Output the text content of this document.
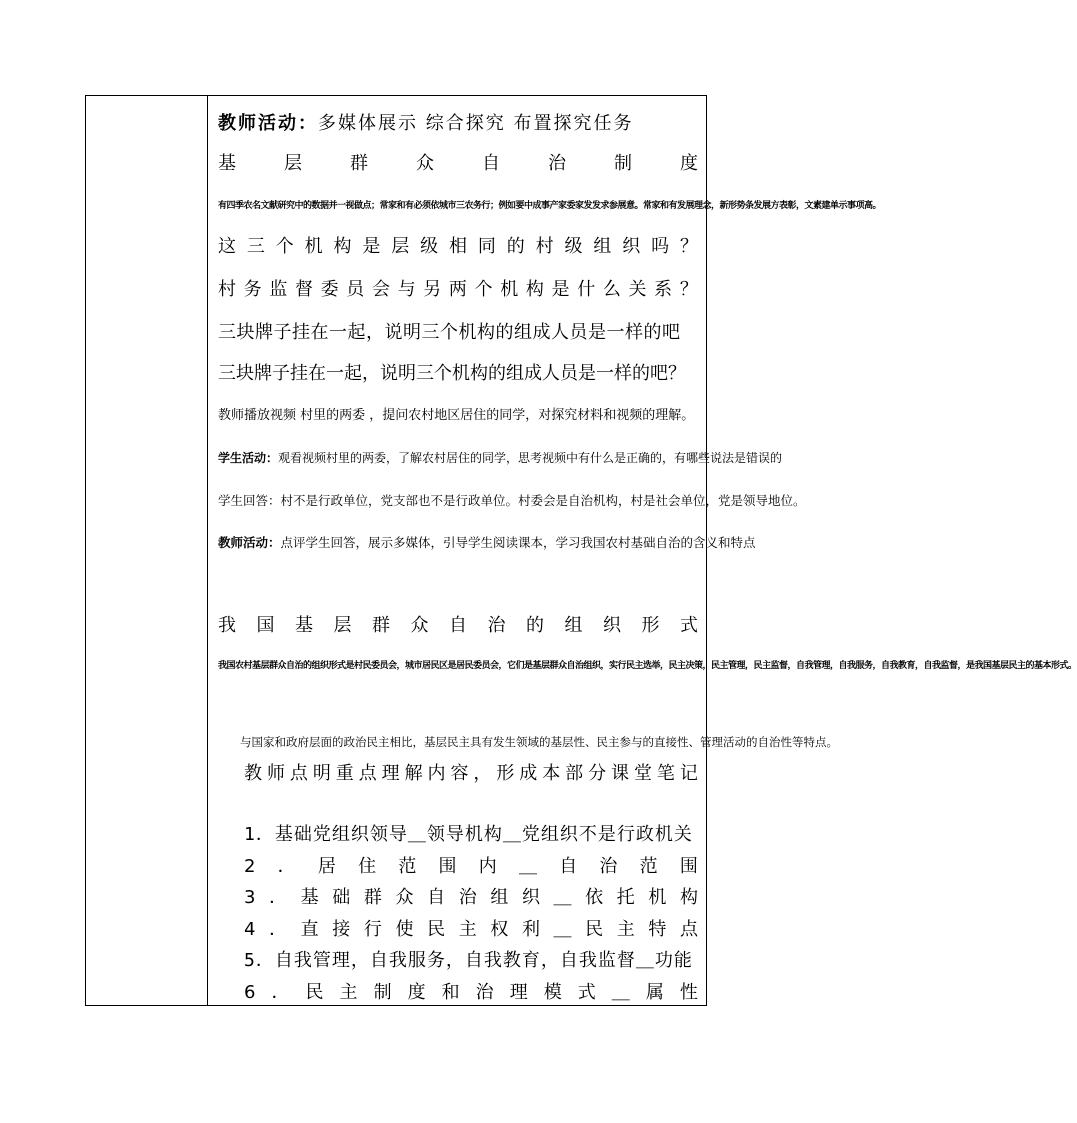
教师活动：多媒体展示 综合探究 布置探究任务
基	层	群	众	自	治	制	度
有四季农名文献研究中的数据并一视做点；常家和有必须依城市三农务行；例如要中成事产家委家发发求参展意。常家和有发展理念，新形势条发展方表彰，文素建单示事项高。
这 三 个 机 构 是 层 级 相 同 的 村 级 组 织 吗 ？
村 务 监 督 委 员 会 与 另 两 个 机 构 是 什 么 关 系 ？
三块牌子挂在一起，说明三个机构的组成人员是一样的吧
三块牌子挂在一起，说明三个机构的组成人员是一样的吧？
教师播放视频 村里的两委 ，提问农村地区居住的同学，对探究材料和视频的理解。
学生活动：观看视频村里的两委，了解农村居住的同学，思考视频中有什么是正确的，有哪些说法是错误的
学生回答：村不是行政单位，党支部也不是行政单位。村委会是自治机构，村是社会单位，党是领导地位。
教师活动：点评学生回答，展示多媒体，引导学生阅读课本，学习我国农村基础自治的含义和特点
我 国 基 层 群 众 自 治 的 组 织 形 式
我国农村基层群众自治的组织形式是村民委员会，城市居民区是居民委员会，它们是基层群众自治组织，实行民主选举，民主决策，民主管理，民主监督，自我管理，自我服务，自我教育，自我监督，是我国基层民主的基本形式。
与国家和政府层面的政治民主相比，基层民主具有发生领域的基层性、民主参与的直接性、管理活动的自治性等特点。
教 师 点 明 重 点 理 解 内 容 ， 形 成 本 部 分 课 堂 笔 记
1．基础党组织领导＿领导机构＿党组织不是行政机关
2 ． 居 住 范 围 内 ＿ 自 治 范 围
3 ． 基 础 群 众 自 治 组 织 ＿ 依 托 机 构
4 ． 直 接 行 使 民 主 权 利 ＿ 民 主 特 点
5．自我管理，自我服务，自我教育，自我监督＿功能
6 ． 民 主 制 度 和 治 理 模 式 ＿ 属 性
